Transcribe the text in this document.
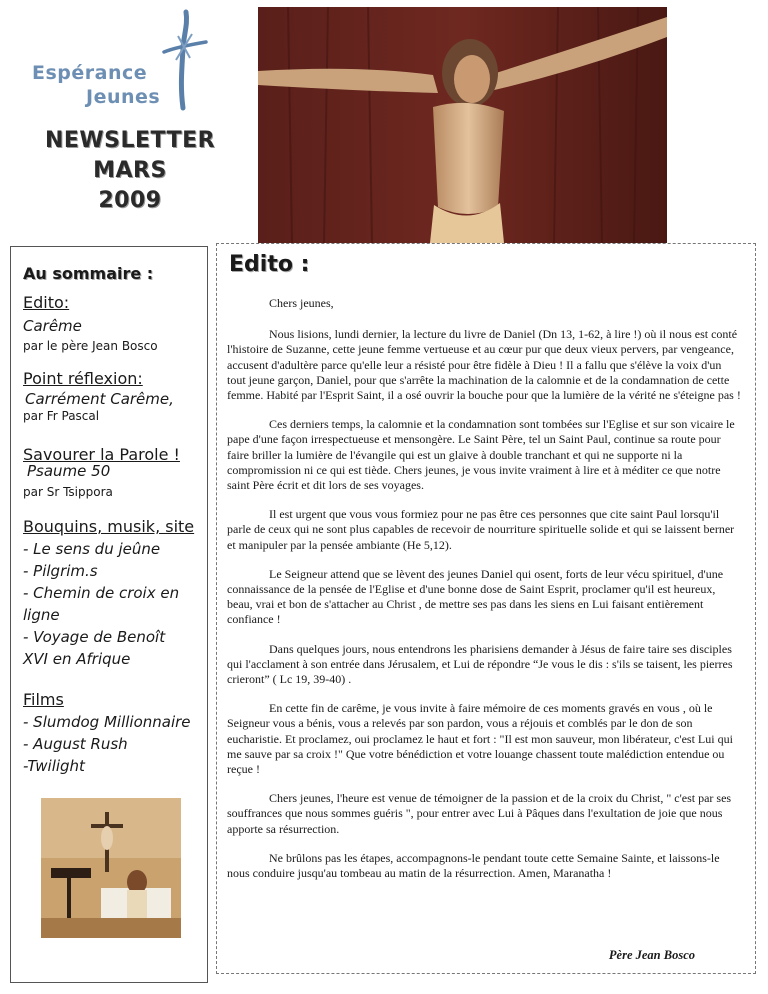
Espérance
Jeunes
NEWSLETTER
MARS
2009
Au sommaire :
Edito:
Carême
par le père Jean Bosco
Point réflexion:
Carrément Carême,
par Fr Pascal
Savourer la Parole !
Psaume 50
par Sr Tsippora
Bouquins, musik, site
- Le sens du jeûne
- Pilgrim.s
- Chemin de croix en
ligne
- Voyage de Benoît
XVI en Afrique
Films
- Slumdog Millionnaire
- August Rush
-Twilight
Edito :

Chers jeunes,

Nous lisions, lundi dernier, la lecture du livre de Daniel (Dn 13, 1-62, à lire !) où il nous est conté l'histoire de Suzanne, cette jeune femme vertueuse et au cœur pur que deux vieux pervers, par vengeance, accusent d'adultère parce qu'elle leur a résisté pour être fidèle à Dieu ! Il a fallu que s'élève la voix d'un tout jeune garçon, Daniel, pour que s'arrête la machination de la calomnie et de la condamnation de cette femme. Habité par l'Esprit Saint, il a osé ouvrir la bouche pour que la lumière de la vérité ne s'éteigne pas !

Ces derniers temps, la calomnie et la condamnation sont tombées sur l'Eglise et sur son vicaire le pape d'une façon irrespectueuse et mensongère. Le Saint Père, tel un Saint Paul, continue sa route pour faire briller la lumière de l'évangile qui est un glaive à double tranchant et qui ne supporte ni la compromission ni ce qui est tiède. Chers jeunes, je vous invite vraiment à lire et à méditer ce que notre saint Père écrit et dit lors de ses voyages.

Il est urgent que vous vous formiez pour ne pas être ces personnes que cite saint Paul lorsqu'il parle de ceux qui ne sont plus capables de recevoir de nourriture spirituelle solide et qui se laissent berner et manipuler par la pensée ambiante (He 5,12).

Le Seigneur attend que se lèvent des jeunes Daniel qui osent, forts de leur vécu spirituel, d'une connaissance de la pensée de l'Eglise et d'une bonne dose de Saint Esprit, proclamer qu'il est heureux, beau, vrai et bon de s'attacher au Christ , de mettre ses pas dans les siens en Lui faisant entièrement confiance !

Dans quelques jours, nous entendrons les pharisiens demander à Jésus de faire taire ses disciples qui l'acclament à son entrée dans Jérusalem, et Lui de répondre “Je vous le dis : s'ils se taisent, les pierres crieront” ( Lc 19, 39-40) .

En cette fin de carême, je vous invite à faire mémoire de ces moments gravés en vous , où le Seigneur vous a bénis, vous a relevés par son pardon, vous a réjouis et comblés par le don de son eucharistie. Et proclamez, oui proclamez le haut et fort : "Il est mon sauveur, mon libérateur, c'est Lui qui me sauve par sa croix !" Que votre bénédiction et votre louange chassent toute malédiction entendue ou reçue !

Chers jeunes, l'heure est venue de témoigner de la passion et de la croix du Christ, " c'est par ses souffrances que nous sommes guéris ", pour entrer avec Lui à Pâques dans l'exultation de joie que nous apporte sa résurrection.

Ne brûlons pas les étapes, accompagnons-le pendant toute cette Semaine Sainte, et laissons-le nous conduire jusqu'au tombeau au matin de la résurrection. Amen, Maranatha !

Père Jean Bosco
